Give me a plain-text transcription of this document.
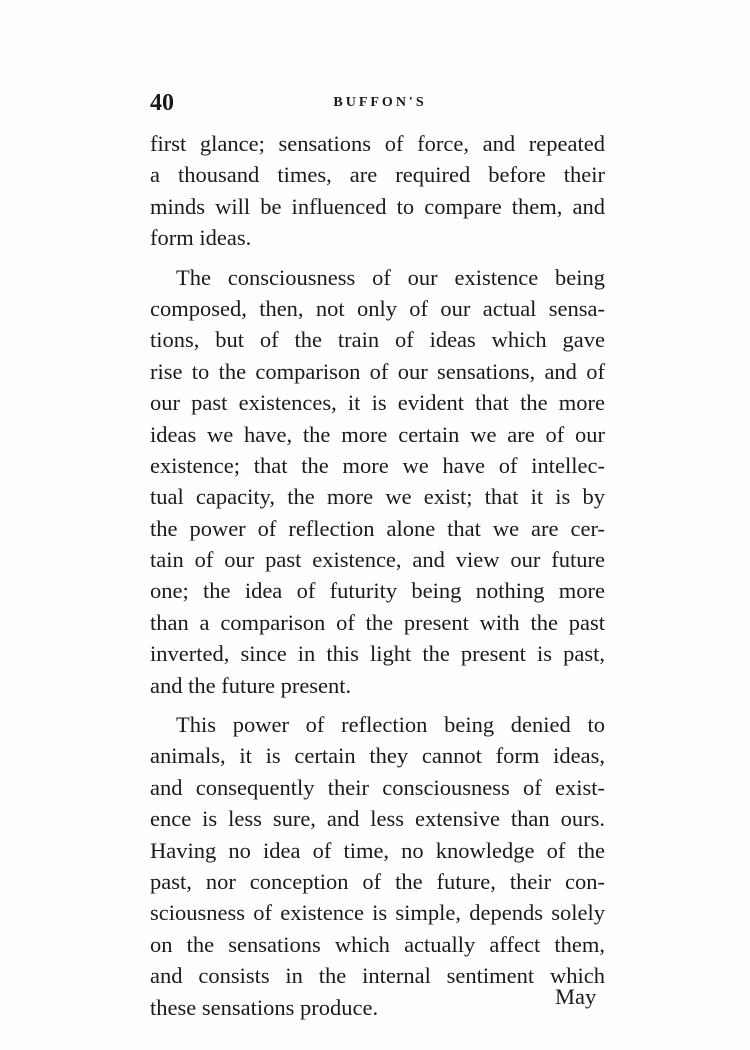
40	BUFFON'S
first glance; sensations of force, and repeated
a thousand times, are required before their
minds will be influenced to compare them, and
form ideas.
The consciousness of our existence being
composed, then, not only of our actual sensa-
tions, but of the train of ideas which gave
rise to the comparison of our sensations, and of
our past existences, it is evident that the more
ideas we have, the more certain we are of our
existence; that the more we have of intellec-
tual capacity, the more we exist; that it is by
the power of reflection alone that we are cer-
tain of our past existence, and view our future
one; the idea of futurity being nothing more
than a comparison of the present with the past
inverted, since in this light the present is past,
and the future present.
This power of reflection being denied to
animals, it is certain they cannot form ideas,
and consequently their consciousness of exist-
ence is less sure, and less extensive than ours.
Having no idea of time, no knowledge of the
past, nor conception of the future, their con-
sciousness of existence is simple, depends solely
on the sensations which actually affect them,
and consists in the internal sentiment which
these sensations produce.	May
